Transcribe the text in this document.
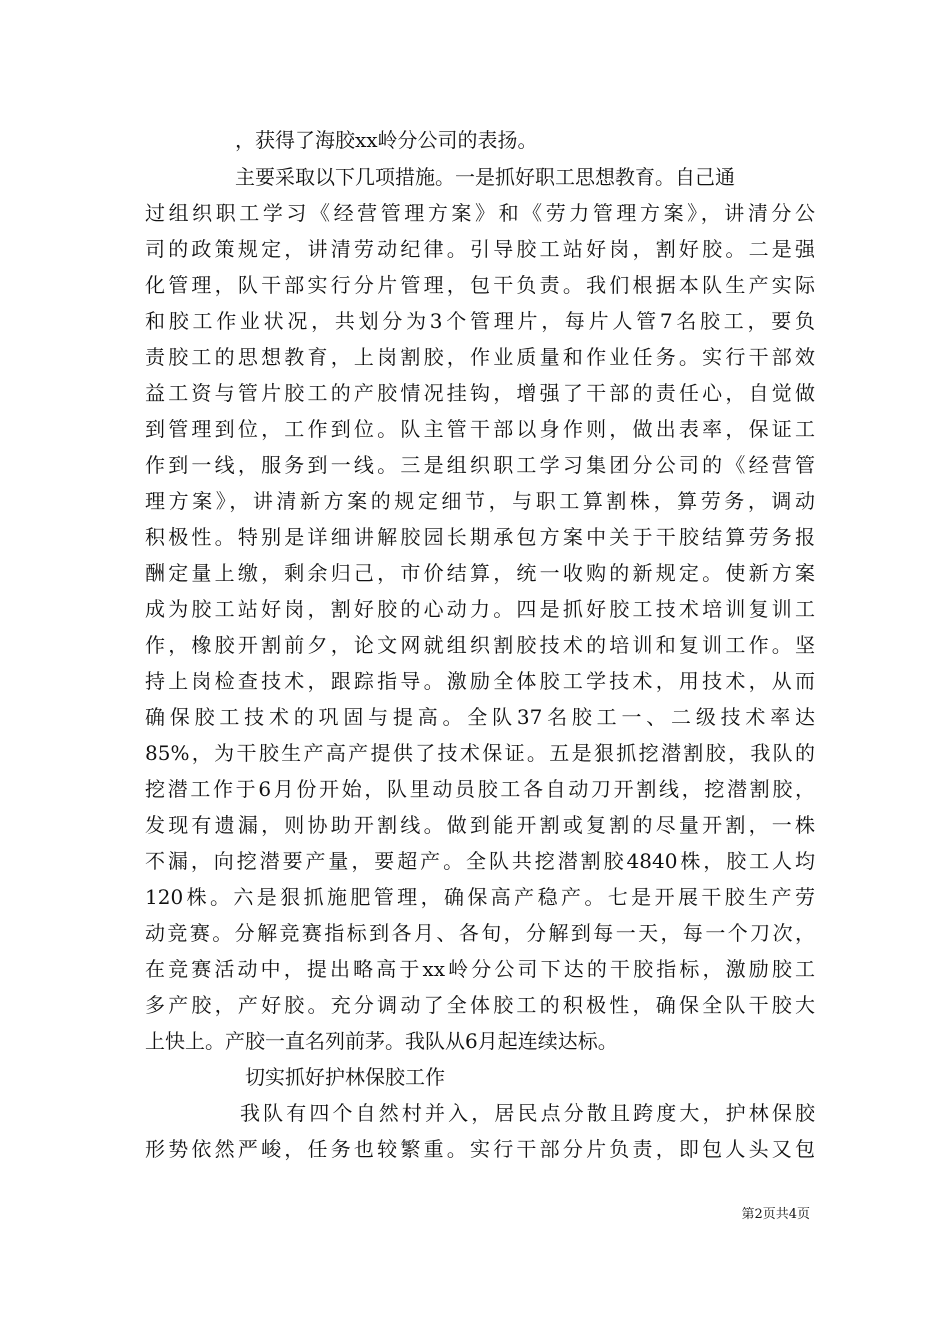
，获得了海胶xx岭分公司的表扬。
主要采取以下几项措施。一是抓好职工思想教育。自己通
过组织职工学习《经营管理方案》和《劳力管理方案》，讲清分公
司的政策规定，讲清劳动纪律。引导胶工站好岗，割好胶。二是强
化管理，队干部实行分片管理，包干负责。我们根据本队生产实际
和胶工作业状况，共划分为3个管理片，每片人管7名胶工，要负
责胶工的思想教育，上岗割胶，作业质量和作业任务。实行干部效
益工资与管片胶工的产胶情况挂钩，增强了干部的责任心，自觉做
到管理到位，工作到位。队主管干部以身作则，做出表率，保证工
作到一线，服务到一线。三是组织职工学习集团分公司的《经营管
理方案》，讲清新方案的规定细节，与职工算割株，算劳务，调动
积极性。特别是详细讲解胶园长期承包方案中关于干胶结算劳务报
酬定量上缴，剩余归己，市价结算，统一收购的新规定。使新方案
成为胶工站好岗，割好胶的心动力。四是抓好胶工技术培训复训工
作，橡胶开割前夕，论文网就组织割胶技术的培训和复训工作。坚
持上岗检查技术，跟踪指导。激励全体胶工学技术，用技术，从而
确保胶工技术的巩固与提高。全队37名胶工一、二级技术率达
85%，为干胶生产高产提供了技术保证。五是狠抓挖潜割胶，我队的
挖潜工作于6月份开始，队里动员胶工各自动刀开割线，挖潜割胶，
发现有遗漏，则协助开割线。做到能开割或复割的尽量开割，一株
不漏，向挖潜要产量，要超产。全队共挖潜割胶4840株，胶工人均
120株。六是狠抓施肥管理，确保高产稳产。七是开展干胶生产劳
动竞赛。分解竞赛指标到各月、各旬，分解到每一天，每一个刀次，
在竞赛活动中，提出略高于xx岭分公司下达的干胶指标，激励胶工
多产胶，产好胶。充分调动了全体胶工的积极性，确保全队干胶大
上快上。产胶一直名列前茅。我队从6月起连续达标。
切实抓好护林保胶工作
我队有四个自然村并入，居民点分散且跨度大，护林保胶
形势依然严峻，任务也较繁重。实行干部分片负责，即包人头又包
第2页共4页
